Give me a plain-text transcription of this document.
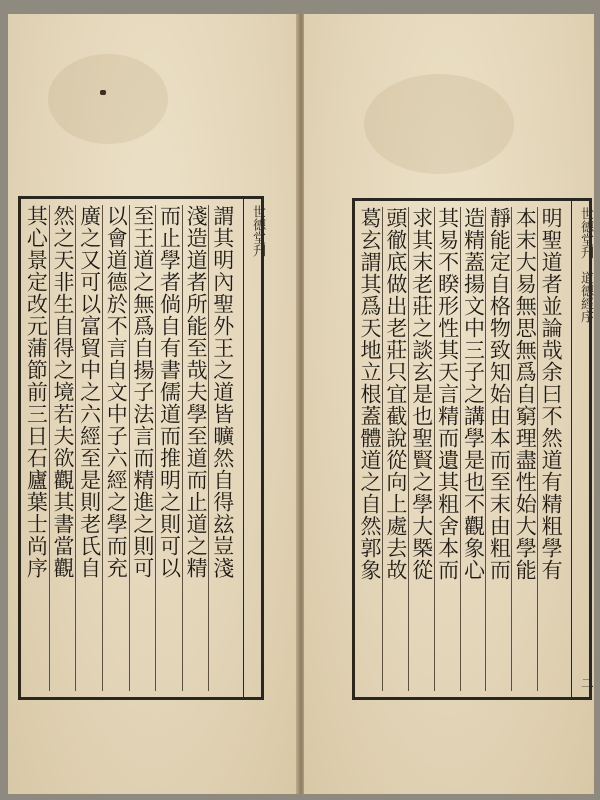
謂其明內聖外王之道皆曠然自得玆豈淺
淺造道者所能至哉夫學至道而止道之精
而止學者倘自有書儒道而推明之則可以
至王道之無爲自揚子法言而精進之則可
以會道德於不言自文中子六經之學而充
廣之又可以富貿中之六經至是則老氏自
然之天非生自得之境若夫欲觀其書當觀
其心景定改元蒲節前三日石廬葉士尚序	世德堂刋	明聖道者並論哉余曰不然道有精粗學有
本末大易無思無爲自窮理盡性始大學能
靜能定自格物致知始由本而至末由粗而
造精蓋揚文中三子之講學是也不觀象心
其易不睽形性其天言精而遺其粗舍本而
求其末老莊之談玄是也聖賢之學大槩從
頭徹底做出老莊只宜截說從向上處去故
葛玄謂其爲天地立根蓋體道之自然郭象	世德堂刋
道德經序
二
